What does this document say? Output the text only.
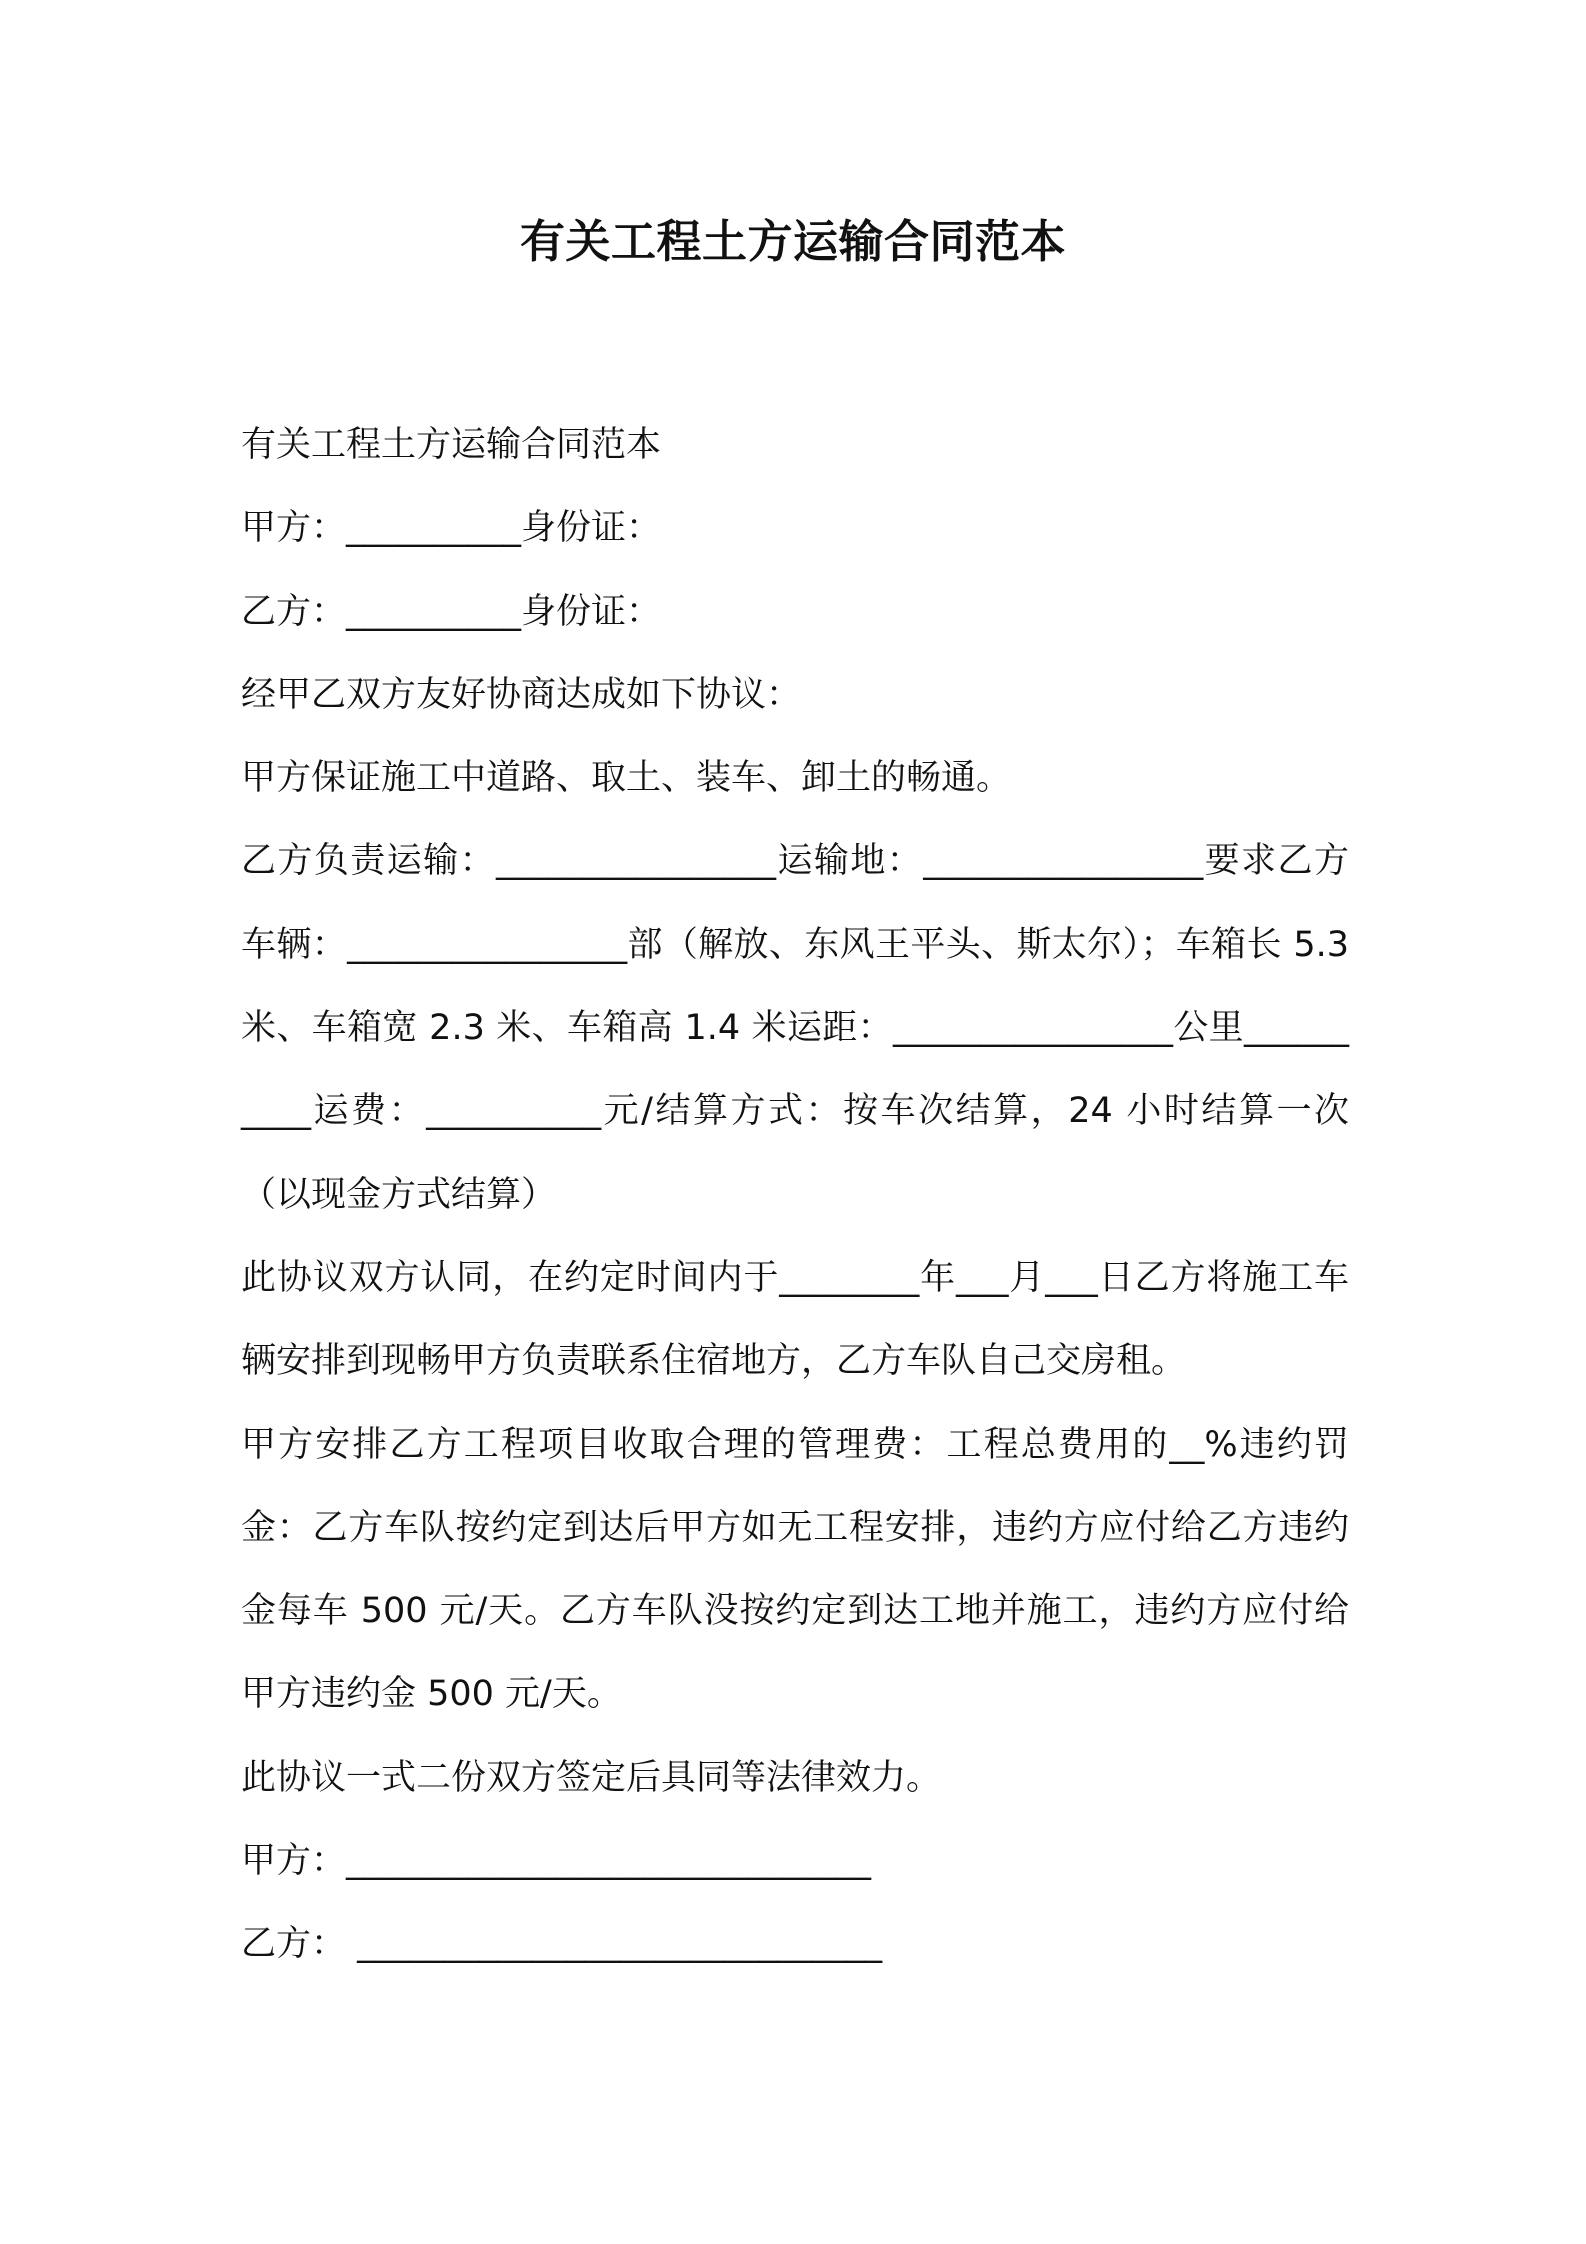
有关工程土方运输合同范本

有关工程土方运输合同范本

甲方：__________身份证：

乙方：__________身份证：

经甲乙双方友好协商达成如下协议：

甲方保证施工中道路、取土、装车、卸土的畅通。

乙方负责运输：________________运输地：________________要求乙方车辆：________________部（解放、东风王平头、斯太尔）；车箱长 5.3 米、车箱宽 2.3 米、车箱高 1.4 米运距：________________公里__________运费：__________元/结算方式：按车次结算，24 小时结算一次（以现金方式结算）

此协议双方认同，在约定时间内于________年___月___日乙方将施工车辆安排到现畅甲方负责联系住宿地方，乙方车队自己交房租。

甲方安排乙方工程项目收取合理的管理费：工程总费用的__%违约罚金：乙方车队按约定到达后甲方如无工程安排，违约方应付给乙方违约金每车 500 元/天。乙方车队没按约定到达工地并施工，违约方应付给甲方违约金 500 元/天。

此协议一式二份双方签定后具同等法律效力。

甲方：______________________________

乙方： ______________________________
